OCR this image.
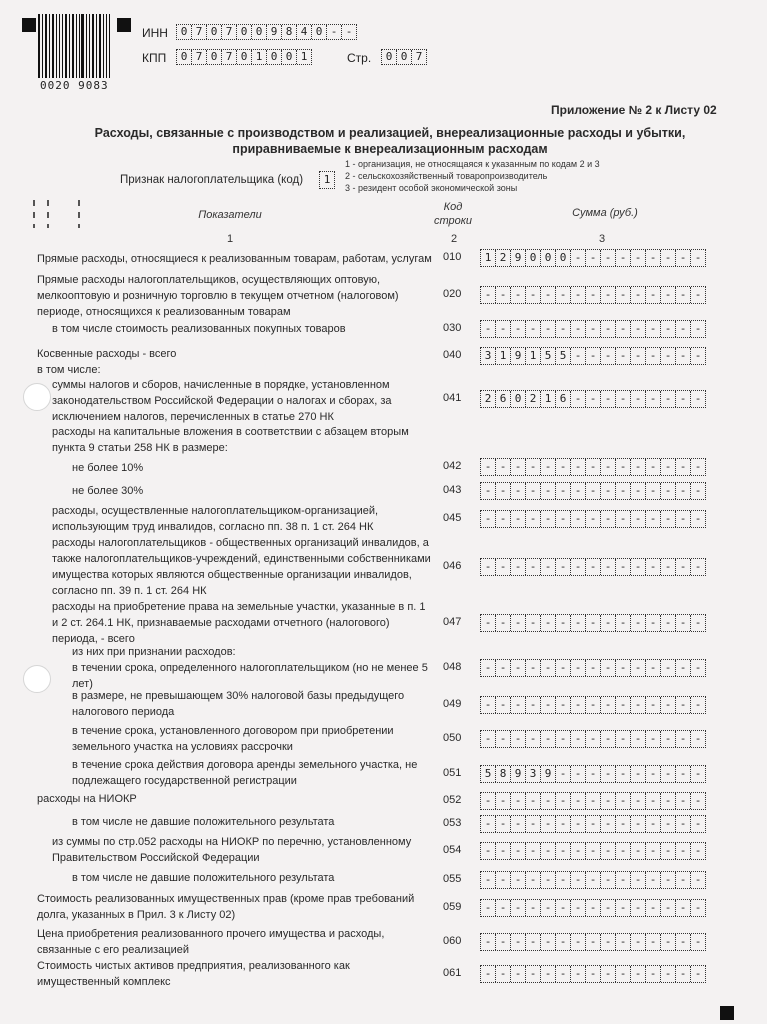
0020 9083
ИНН	0 7 0 7 0 0 9 8 4 0 - -
КПП	0 7 0 7 0 1 0 0 1	Стр.	0 0 7
Приложение № 2 к Листу 02
Расходы, связанные с производством и реализацией, внереализационные расходы и убытки,
приравниваемые к внереализационным расходам
Признак налогоплательщика (код)	1
1 - организация, не относящаяся к указанным по кодам 2 и 3
2 - сельскохозяйственный товаропроизводитель
3 - резидент особой экономической зоны
Показатели
Код
строки
Сумма (руб.)
1	2	3
Прямые расходы, относящиеся к реализованным товарам, работам, услугам 010	1 2 9 0 0 0 - - - - - - - - -
Прямые расходы налогоплательщиков, осуществляющих оптовую,
мелкооптовую и розничную торговлю в текущем отчетном (налоговом)
периоде, относящихся к реализованным товарам
020	- - - - - - - - - - - - - - -
в том числе стоимость реализованных покупных товаров	030	- - - - - - - - - - - - - - -
Косвенные расходы - всего
в том числе:
040	3 1 9 1 5 5 - - - - - - - - -
суммы налогов и сборов, начисленные в порядке, установленном
законодательством Российской Федерации о налогах и сборах, за
исключением налогов, перечисленных в статье 270 НК
041	2 6 0 2 1 6 - - - - - - - - -
расходы на капитальные вложения в соответствии с абзацем вторым
пункта 9 статьи 258 НК в размере:
не более 10%	042	- - - - - - - - - - - - - - -
не более 30%	043	- - - - - - - - - - - - - - -
расходы, осуществленные налогоплательщиком-организацией,
использующим труд инвалидов, согласно пп. 38 п. 1 ст. 264 НК
045	- - - - - - - - - - - - - - -
расходы налогоплательщиков - общественных организаций инвалидов, а
также налогоплательщиков-учреждений, единственными собственниками
имущества которых являются общественные организации инвалидов,
согласно пп. 39 п. 1 ст. 264 НК
046	- - - - - - - - - - - - - - -
расходы на приобретение права на земельные участки, указанные в п. 1
и 2 ст. 264.1 НК, признаваемые расходами отчетного (налогового)
периода, - всего
047	- - - - - - - - - - - - - - -
из них при признании расходов:
в течении срока, определенного налогоплательщиком (но не менее 5
лет)
048	- - - - - - - - - - - - - - -
в размере, не превышающем 30% налоговой базы предыдущего
налогового периода
049	- - - - - - - - - - - - - - -
в течение срока, установленного договором при приобретении
земельного участка на условиях рассрочки
050	- - - - - - - - - - - - - - -
в течение срока действия договора аренды земельного участка, не
подлежащего государственной регистрации
051	5 8 9 3 9 - - - - - - - - - -
расходы на НИОКР	052	- - - - - - - - - - - - - - -
в том числе не давшие положительного результата	053	- - - - - - - - - - - - - - -
из суммы по стр.052 расходы на НИОКР по перечню, установленному
Правительством Российской Федерации
054	- - - - - - - - - - - - - - -
в том числе не давшие положительного результата	055	- - - - - - - - - - - - - - -
Стоимость реализованных имущественных прав (кроме прав требований
долга, указанных в Прил. 3 к Листу 02)
059	- - - - - - - - - - - - - - -
Цена приобретения реализованного прочего имущества и расходы,
связанные с его реализацией
060	- - - - - - - - - - - - - - -
Стоимость чистых активов предприятия, реализованного как
имущественный комплекс
061	- - - - - - - - - - - - - - -
